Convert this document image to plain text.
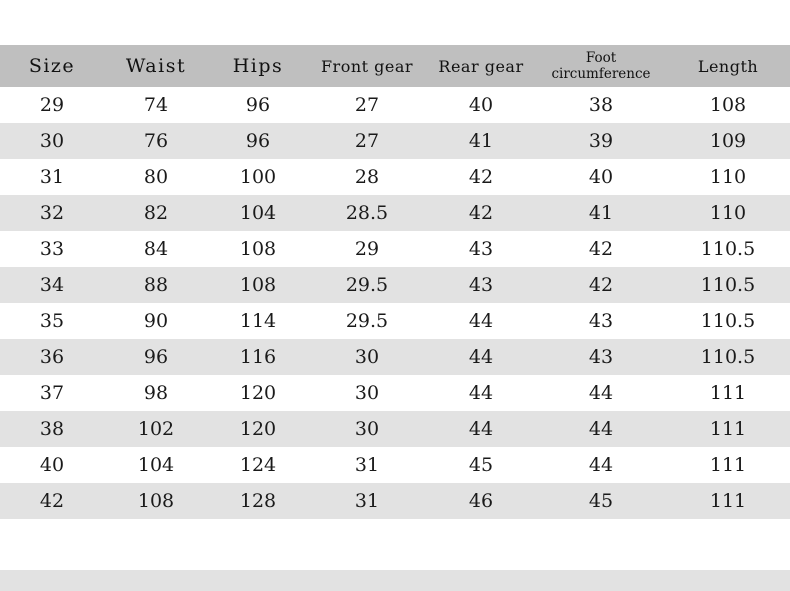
Size	Waist	Hips	Front gear	Rear gear	Foot circumference	Length
29	74	96	27	40	38	108
30	76	96	27	41	39	109
31	80	100	28	42	40	110
32	82	104	28.5	42	41	110
33	84	108	29	43	42	110.5
34	88	108	29.5	43	42	110.5
35	90	114	29.5	44	43	110.5
36	96	116	30	44	43	110.5
37	98	120	30	44	44	111
38	102	120	30	44	44	111
40	104	124	31	45	44	111
42	108	128	31	46	45	111
